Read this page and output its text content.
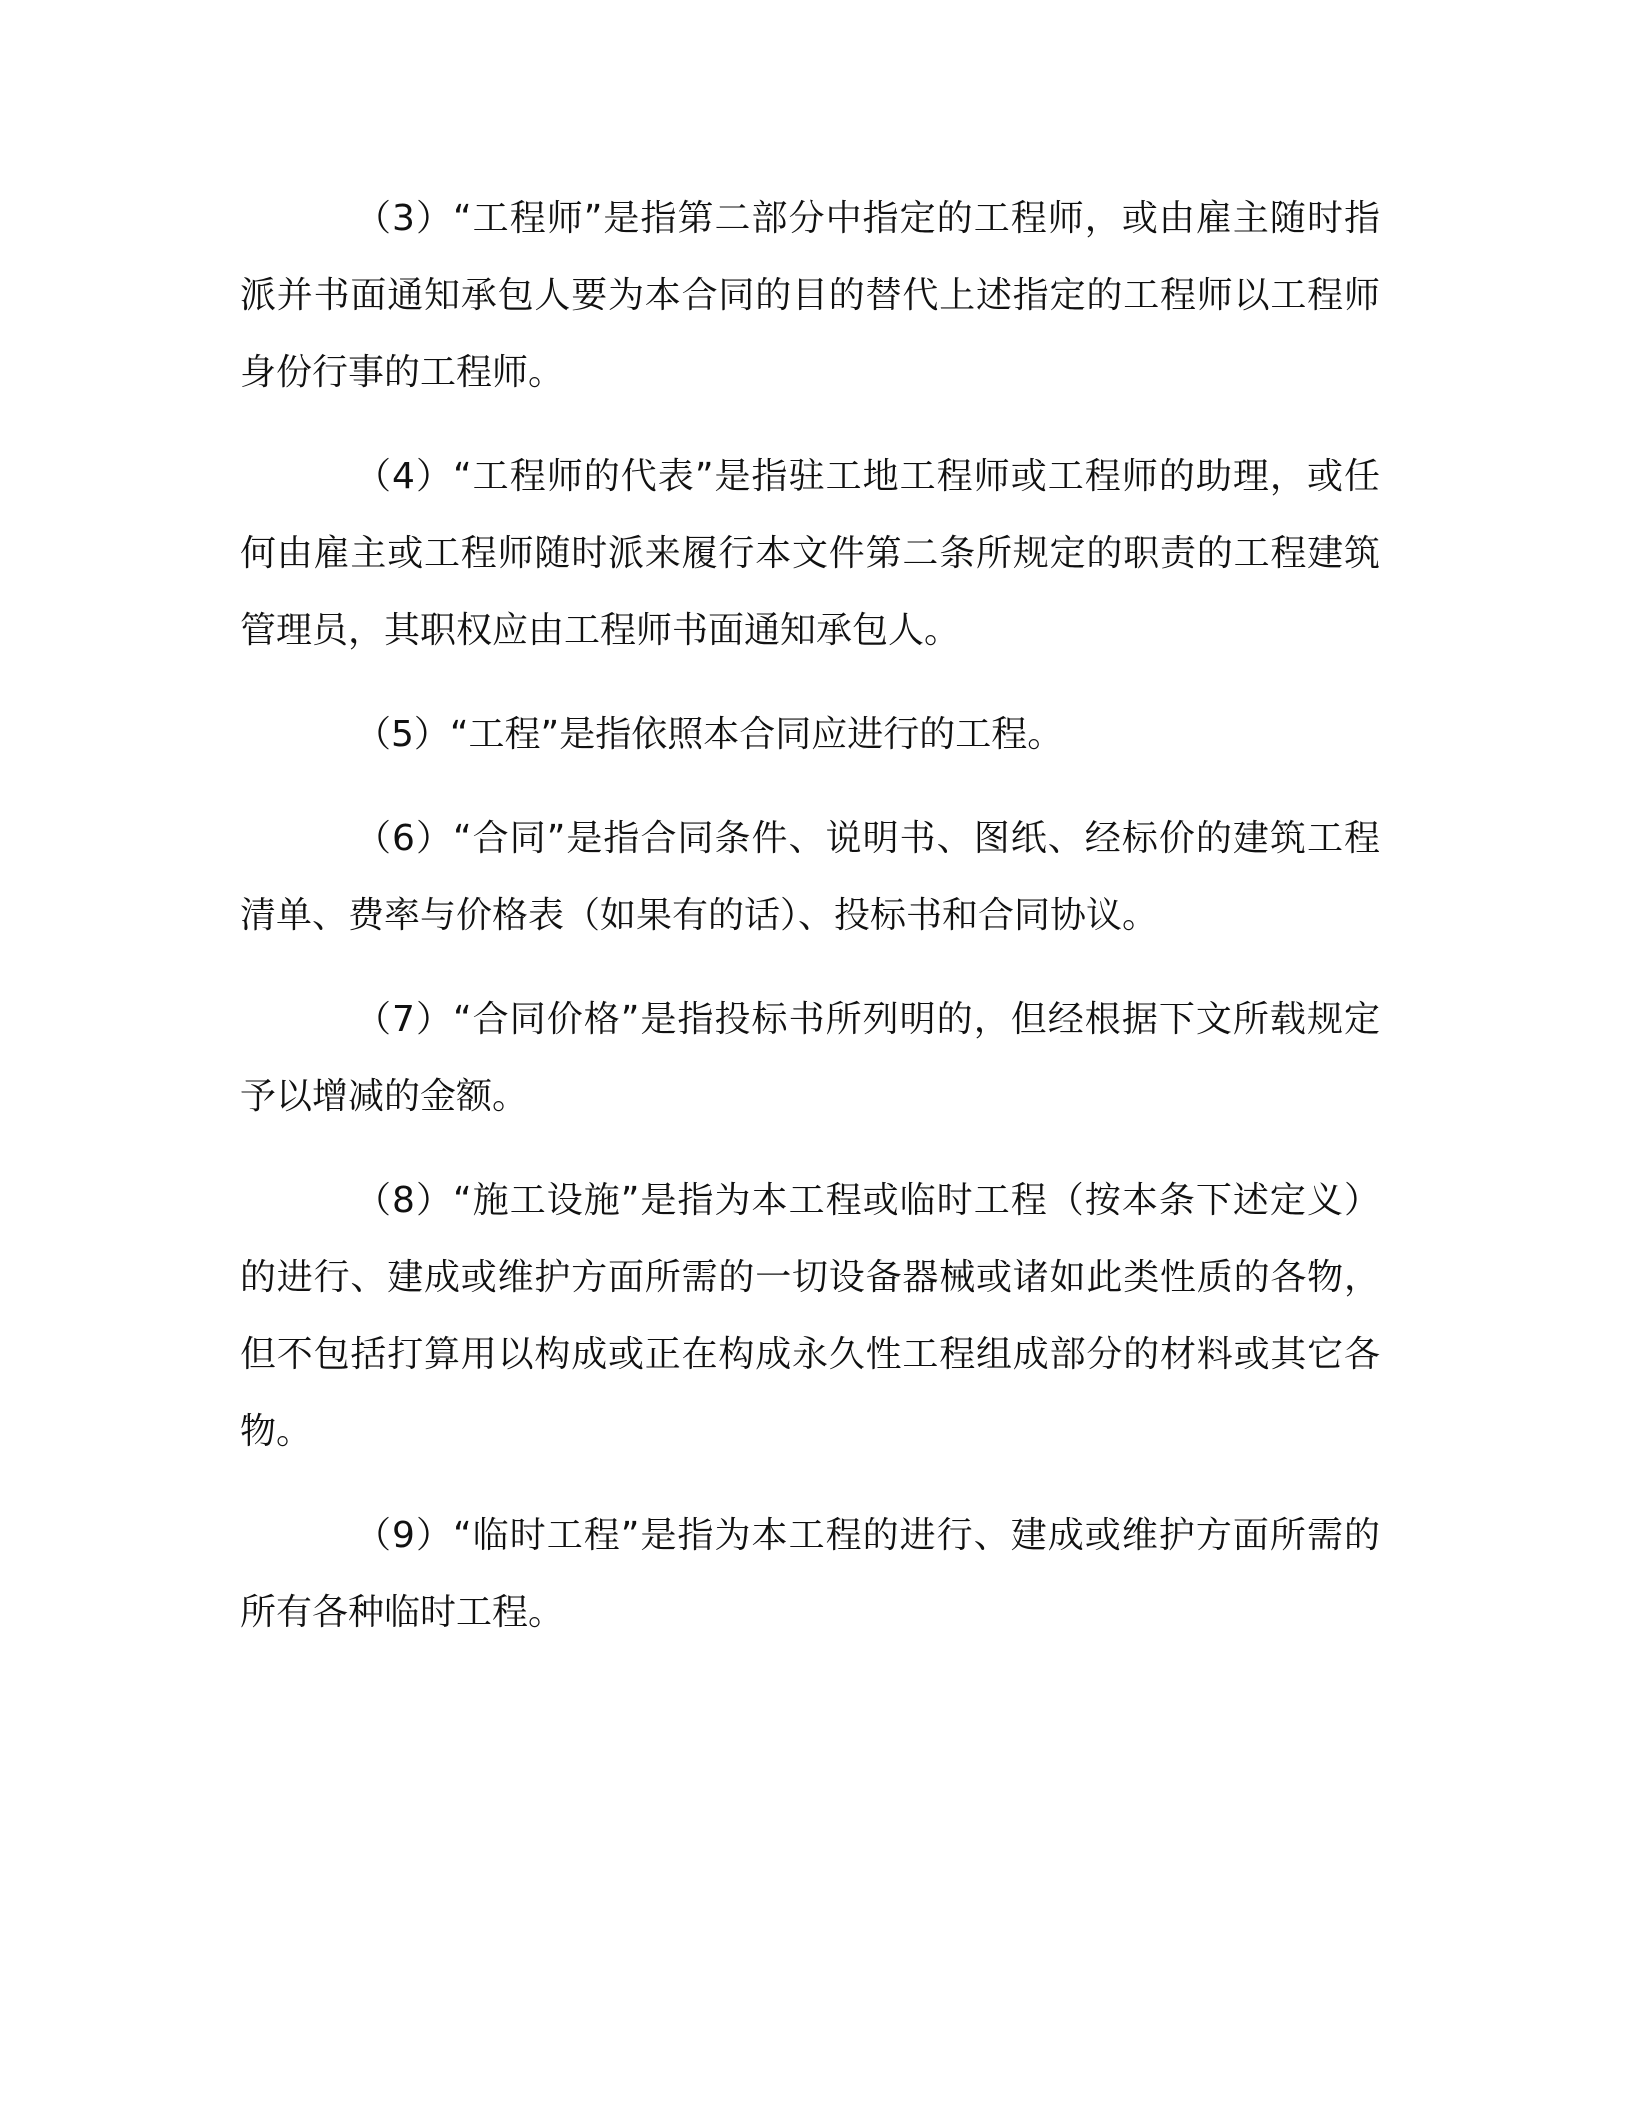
（3）“工程师”是指第二部分中指定的工程师，或由雇主随时指派并书面通知承包人要为本合同的目的替代上述指定的工程师以工程师身份行事的工程师。

（4）“工程师的代表”是指驻工地工程师或工程师的助理，或任何由雇主或工程师随时派来履行本文件第二条所规定的职责的工程建筑管理员，其职权应由工程师书面通知承包人。

（5）“工程”是指依照本合同应进行的工程。

（6）“合同”是指合同条件、说明书、图纸、经标价的建筑工程清单、费率与价格表（如果有的话）、投标书和合同协议。

（7）“合同价格”是指投标书所列明的，但经根据下文所载规定予以增减的金额。

（8）“施工设施”是指为本工程或临时工程（按本条下述定义）的进行、建成或维护方面所需的一切设备器械或诸如此类性质的各物，但不包括打算用以构成或正在构成永久性工程组成部分的材料或其它各物。

（9）“临时工程”是指为本工程的进行、建成或维护方面所需的所有各种临时工程。
